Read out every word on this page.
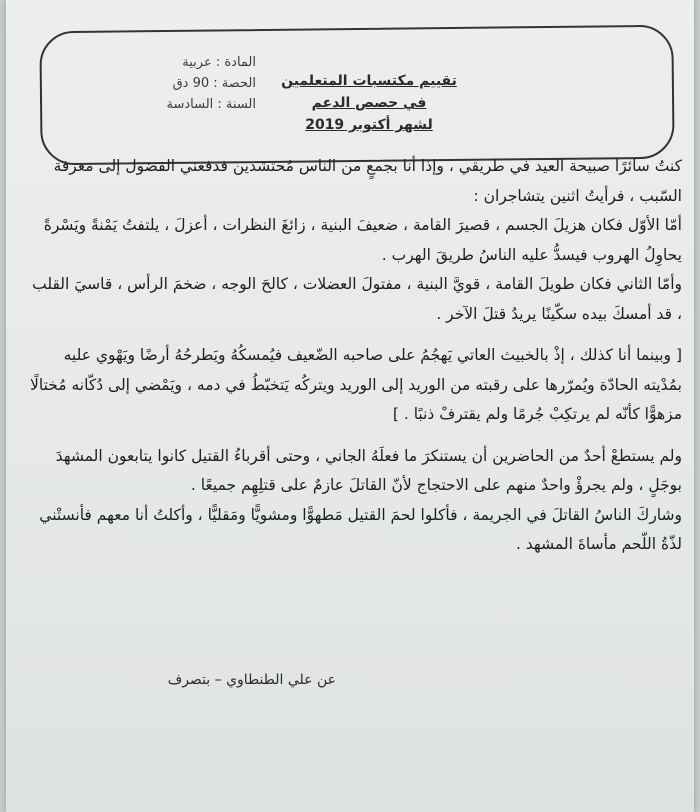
المادة : عربية
الحصة : 90 دق
السنة : السادسة
تقييم مكتسبات المتعلمين
في حصص الدعم
لشهر أكتوبر 2019

كنتُ سائرًا صبيحة العيد في طريقي ، وإذا أنا بجمعٍ من الناس مُحتشدين فدفعني الفضول إلى معرفة السّبب ، فرأيتُ اثنين يتشاجران :

أمّا الأوّل فكان هزيلَ الجسم ، قصيرَ القامة ، ضعيفَ البنية ، زائغَ النظرات ، أعزلَ ، يلتفتُ يَمْنةً ويَسْرةً يحاوِلُ الهروب فيسدُّ عليه الناسُ طريقَ الهرب .

وأمّا الثاني فكان طويلَ القامة ، قويَّ البنية ، مفتولَ العضلات ، كالحَ الوجه ، ضخمَ الرأس ، قاسيَ القلب ، قد أمسكَ بيده سكّينًا يريدُ قتلَ الآخر .

[ وبينما أنا كذلك ، إذْ بالخبيث العاتي يَهجُمُ على صاحبه الضّعيف فيُمسكُهُ ويَطرحُهُ أرضًا ويَهْوي عليه بمُدْيته الحادّة ويُمرّرها على رقبته من الوريد إلى الوريد ويتركُه يَتخبّطُ في دمه ، ويَمْضي إلى دُكّانه مُختالًا مزهوًّا كأنّه لم يرتكِبْ جُرمًا ولم يقترفْ ذنبًا . ]

ولم يستطعْ أحدٌ من الحاضرين أن يستنكرَ ما فعلَهُ الجاني ، وحتى أقرباءُ القتيل كانوا يتابعون المشهدَ بوجَلٍ ، ولم يجرؤْ واحدٌ منهم على الاحتجاج لأنّ القاتلَ عازمٌ على قتلِهِم جميعًا .

وشاركَ الناسُ القاتلَ في الجريمة ، فأكلوا لحمَ القتيل مَطهوًّا ومشويًّا ومَقليًّا ، وأكلتُ أنا معهم فأنستْني لذّةُ اللّحم مأساةَ المشهد .

عن علي الطنطاوي – بتصرف
